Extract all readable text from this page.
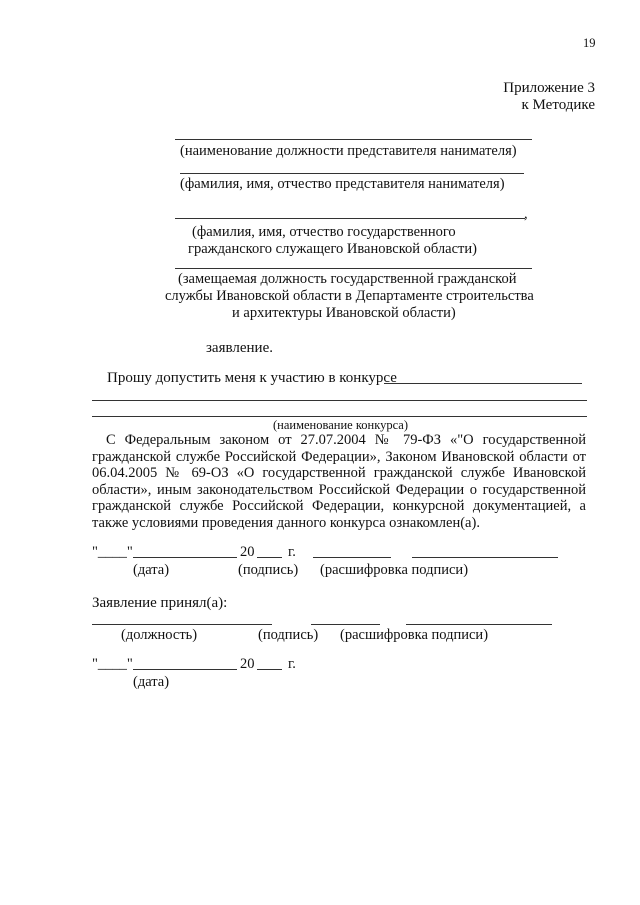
19
Приложение 3
к Методике
(наименование должности представителя нанимателя)
(фамилия, имя, отчество представителя нанимателя)
,
(фамилия, имя, отчество государственного
гражданского служащего Ивановской области)
(замещаемая должность государственной гражданской
службы Ивановской области в Департаменте строительства
и архитектуры Ивановской области)
заявление.
Прошу допустить меня к участию в конкурсе
(наименование конкурса)
С Федеральным законом от 27.07.2004 № 79-ФЗ «"О государственной гражданской службе Российской Федерации», Законом Ивановской области от 06.04.2005 № 69-ОЗ «О государственной гражданской службе Ивановской области», иным законодательством Российской Федерации о государственной гражданской службе Российской Федерации, конкурсной документацией, а также условиями проведения данного конкурса ознакомлен(а).
"____"	20 г.
(дата)	(подпись) (расшифровка подписи)
Заявление принял(а):
(должность)	(подпись) (расшифровка подписи)
"____"	20 г.
(дата)
